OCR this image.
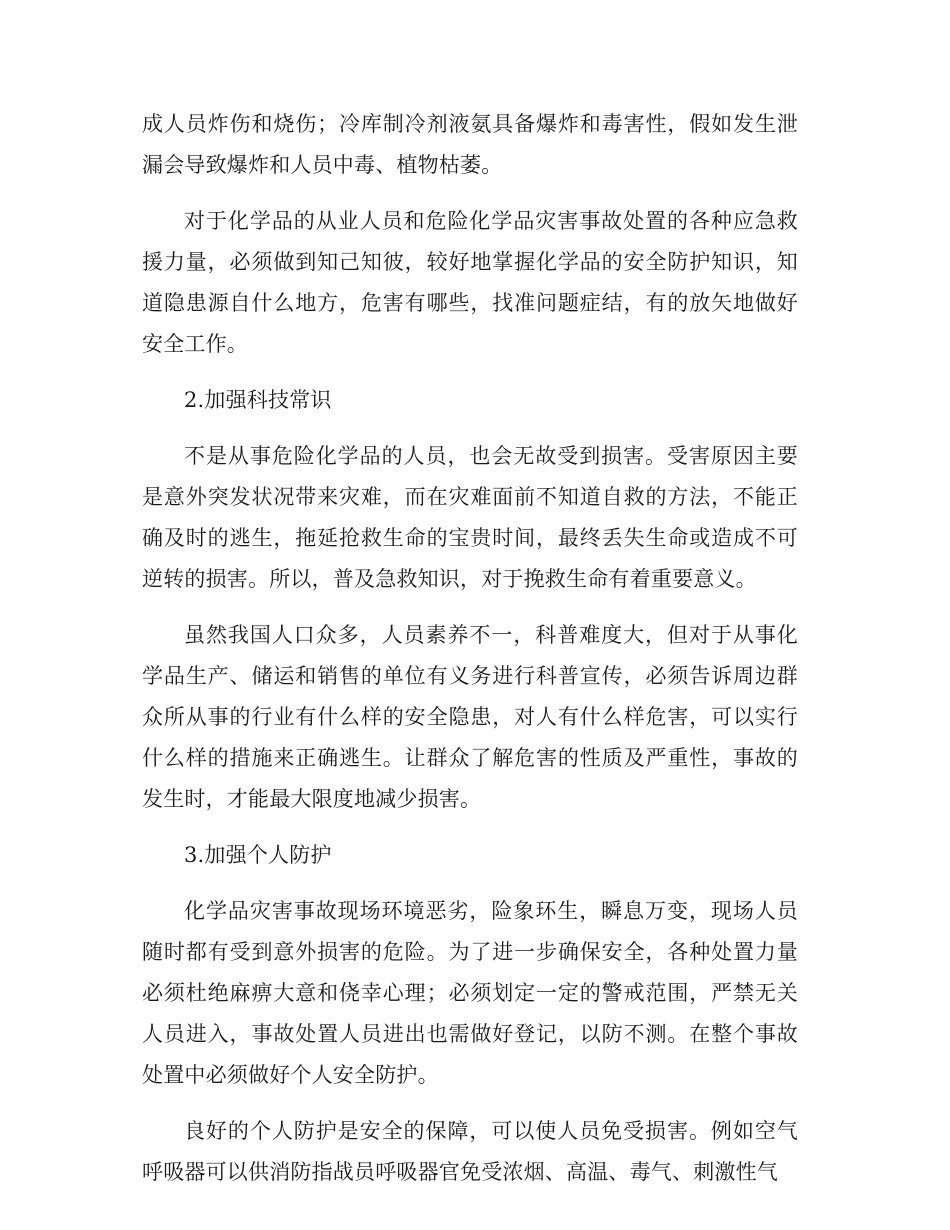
成人员炸伤和烧伤；冷库制冷剂液氨具备爆炸和毒害性，假如发生泄漏会导致爆炸和人员中毒、植物枯萎。

对于化学品的从业人员和危险化学品灾害事故处置的各种应急救援力量，必须做到知己知彼，较好地掌握化学品的安全防护知识，知道隐患源自什么地方，危害有哪些，找准问题症结，有的放矢地做好安全工作。

2.加强科技常识

不是从事危险化学品的人员，也会无故受到损害。受害原因主要是意外突发状况带来灾难，而在灾难面前不知道自救的方法，不能正确及时的逃生，拖延抢救生命的宝贵时间，最终丢失生命或造成不可逆转的损害。所以，普及急救知识，对于挽救生命有着重要意义。

虽然我国人口众多，人员素养不一，科普难度大，但对于从事化学品生产、储运和销售的单位有义务进行科普宣传，必须告诉周边群众所从事的行业有什么样的安全隐患，对人有什么样危害，可以实行什么样的措施来正确逃生。让群众了解危害的性质及严重性，事故的发生时，才能最大限度地减少损害。

3.加强个人防护

化学品灾害事故现场环境恶劣，险象环生，瞬息万变，现场人员随时都有受到意外损害的危险。为了进一步确保安全，各种处置力量必须杜绝麻痹大意和侥幸心理；必须划定一定的警戒范围，严禁无关人员进入，事故处置人员进出也需做好登记，以防不测。在整个事故处置中必须做好个人安全防护。

良好的个人防护是安全的保障，可以使人员免受损害。例如空气呼吸器可以供消防指战员呼吸器官免受浓烟、高温、毒气、刺激性气
